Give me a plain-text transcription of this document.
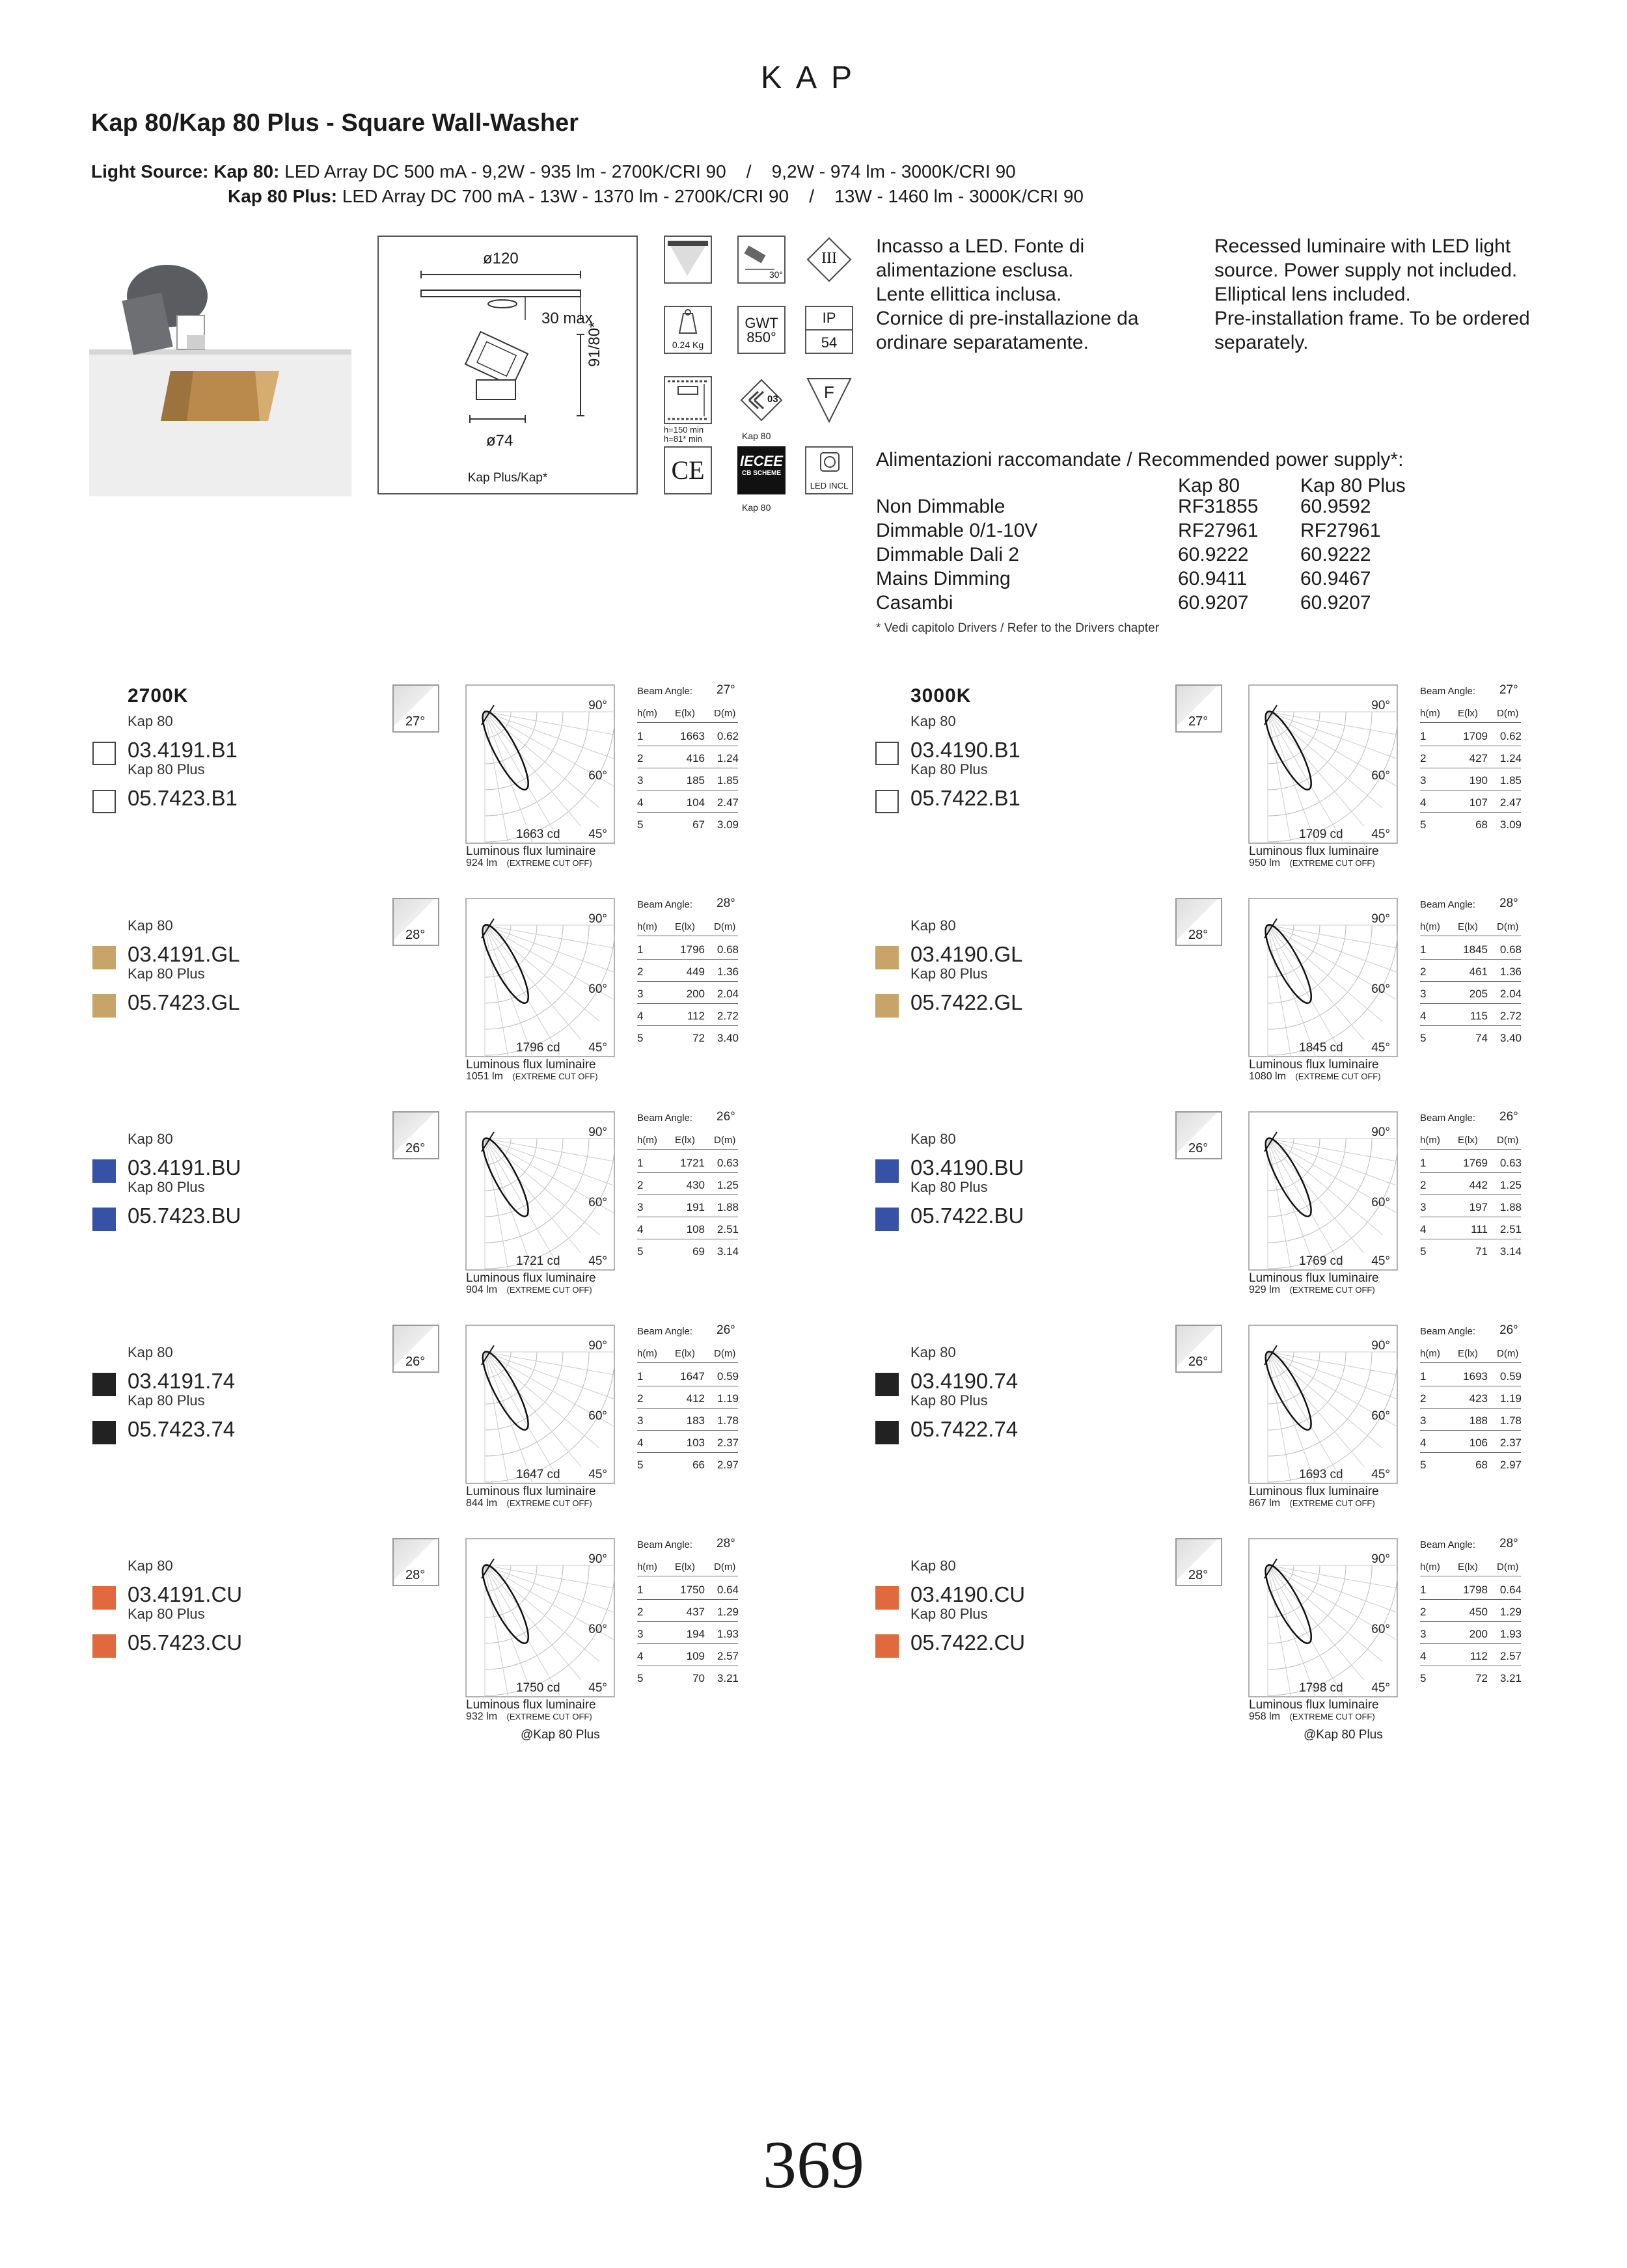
KAP
Kap 80/Kap 80 Plus - Square Wall-Washer
Light Source: Kap 80: LED Array DC 500 mA - 9,2W - 935 lm - 2700K/CRI 90    /    9,2W - 974 lm - 3000K/CRI 90
Kap 80 Plus: LED Array DC 700 mA - 13W - 1370 lm - 2700K/CRI 90    /    13W - 1460 lm - 3000K/CRI 90
ø120
30 max
91/80*
ø74
Kap Plus/Kap*
30°
III
0.24 Kg
GWT
850°
IP
54
h=150 min
h=81* min
03
Kap 80
F
CE	IECEE
CB SCHEME
Kap 80
LED INCL
Incasso a LED. Fonte di
alimentazione esclusa.
Lente ellittica inclusa.
Cornice di pre-installazione da
ordinare separatamente.
Recessed luminaire with LED light
source. Power supply not included.
Elliptical lens included.
Pre-installation frame. To be ordered
separately.
Alimentazioni raccomandate / Recommended power supply*:
Kap 80	Kap 80 Plus
Non Dimmable	RF31855 60.9592
Dimmable 0/1-10V	RF27961 RF27961
Dimmable Dali 2	60.9222	60.9222
Mains Dimming	60.9411	60.9467
Casambi	60.9207	60.9207
* Vedi capitolo Drivers / Refer to the Drivers chapter
2700K
Kap 80
03.4191.B1
Kap 80 Plus
05.7423.B1
27°
90°
60°
45°
1663 cd
Luminous flux luminaire
924 lm (EXTREME CUT OFF)
Beam Angle: 27°
h(m) E(lx) D(m)
1	1663	0.62
2	416	1.24
3	185	1.85
4	104	2.47
5	67	3.09
Kap 80
03.4191.GL
Kap 80 Plus
05.7423.GL
28°
90°
60°
45°
1796 cd
Luminous flux luminaire
1051 lm (EXTREME CUT OFF)
Beam Angle: 28°
h(m) E(lx) D(m)
1	1796	0.68
2	449	1.36
3	200	2.04
4	112	2.72
5	72	3.40
Kap 80
03.4191.BU
Kap 80 Plus
05.7423.BU
26°
90°
60°
45°
1721 cd
Luminous flux luminaire
904 lm (EXTREME CUT OFF)
Beam Angle: 26°
h(m) E(lx) D(m)
1	1721	0.63
2	430	1.25
3	191	1.88
4	108	2.51
5	69	3.14
Kap 80
03.4191.74
Kap 80 Plus
05.7423.74
26°
90°
60°
45°
1647 cd
Luminous flux luminaire
844 lm (EXTREME CUT OFF)
Beam Angle: 26°
h(m) E(lx) D(m)
1	1647	0.59
2	412	1.19
3	183	1.78
4	103	2.37
5	66	2.97
Kap 80
03.4191.CU
Kap 80 Plus
05.7423.CU
28°
90°
60°
45°
1750 cd
Luminous flux luminaire
932 lm (EXTREME CUT OFF)
@Kap 80 Plus
Beam Angle: 28°
h(m) E(lx) D(m)
1	1750	0.64
2	437	1.29
3	194	1.93
4	109	2.57
5	70	3.21
3000K
Kap 80
03.4190.B1
Kap 80 Plus
05.7422.B1
27°
90°
60°
45°
1709 cd
Luminous flux luminaire
950 lm (EXTREME CUT OFF)
Beam Angle: 27°
h(m) E(lx) D(m)
1	1709	0.62
2	427	1.24
3	190	1.85
4	107	2.47
5	68	3.09
Kap 80
03.4190.GL
Kap 80 Plus
05.7422.GL
28°
90°
60°
45°
1845 cd
Luminous flux luminaire
1080 lm (EXTREME CUT OFF)
Beam Angle: 28°
h(m) E(lx) D(m)
1	1845	0.68
2	461	1.36
3	205	2.04
4	115	2.72
5	74	3.40
Kap 80
03.4190.BU
Kap 80 Plus
05.7422.BU
26°
90°
60°
45°
1769 cd
Luminous flux luminaire
929 lm (EXTREME CUT OFF)
Beam Angle: 26°
h(m) E(lx) D(m)
1	1769	0.63
2	442	1.25
3	197	1.88
4	111	2.51
5	71	3.14
Kap 80
03.4190.74
Kap 80 Plus
05.7422.74
26°
90°
60°
45°
1693 cd
Luminous flux luminaire
867 lm (EXTREME CUT OFF)
Beam Angle: 26°
h(m) E(lx) D(m)
1	1693	0.59
2	423	1.19
3	188	1.78
4	106	2.37
5	68	2.97
Kap 80
03.4190.CU
Kap 80 Plus
05.7422.CU
28°
90°
60°
45°
1798 cd
Luminous flux luminaire
958 lm (EXTREME CUT OFF)
@Kap 80 Plus
Beam Angle: 28°
h(m) E(lx) D(m)
1	1798	0.64
2	450	1.29
3	200	1.93
4	112	2.57
5	72	3.21
369
